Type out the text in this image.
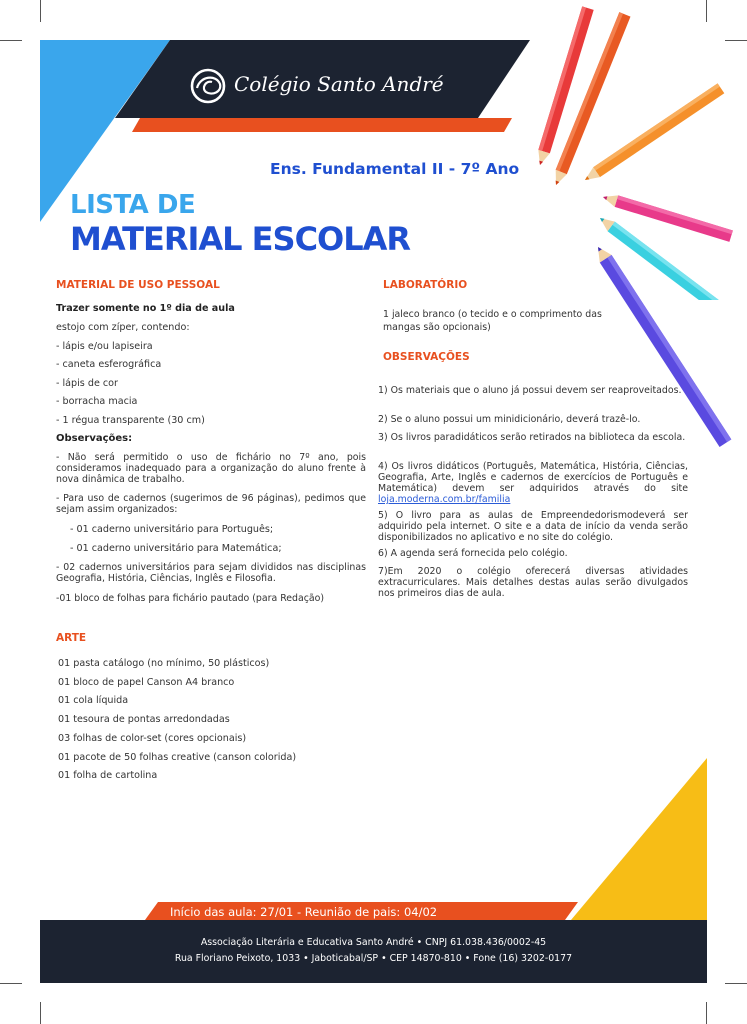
Colégio Santo André
Ens. Fundamental II - 7º Ano
LISTA DE
MATERIAL ESCOLAR
MATERIAL DE USO PESSOAL
Trazer somente no 1º dia de aula
estojo com zíper, contendo:
- lápis e/ou lapiseira
- caneta esferográfica
- lápis de cor
- borracha macia
- 1 régua transparente (30 cm)
Observações:
- Não será permitido o uso de fichário no 7º ano, pois consideramos inadequado para a organização do aluno frente à nova dinâmica de trabalho.
- Para uso de cadernos (sugerimos de 96 páginas), pedimos que sejam assim organizados:
- 01 caderno universitário para Português;
- 01 caderno universitário para Matemática;
- 02 cadernos universitários para sejam divididos nas disciplinas Geografia, História, Ciências, Inglês e Filosofia.
-01 bloco de folhas para fichário pautado (para Redação)
ARTE
01 pasta catálogo (no mínimo, 50 plásticos)
01 bloco de papel Canson A4 branco
01 cola líquida
01 tesoura de pontas arredondadas
03 folhas de color-set (cores opcionais)
01 pacote de 50 folhas creative (canson colorida)
01 folha de cartolina
LABORATÓRIO
1 jaleco branco (o tecido e o comprimento das mangas são opcionais)
OBSERVAÇÕES
1) Os materiais que o aluno já possui devem ser reaproveitados.
2) Se o aluno possui um minidicionário, deverá trazê-lo.
3) Os livros paradidáticos serão retirados na biblioteca da escola.
4) Os livros didáticos (Português, Matemática, História, Ciências, Geografia, Arte, Inglês e cadernos de exercícios de Português e Matemática) devem ser adquiridos através do site loja.moderna.com.br/familia
5) O livro para as aulas de Empreendedorismodeverá ser adquirido pela internet. O site e a data de início da venda serão disponibilizados no aplicativo e no site do colégio.
6) A agenda será fornecida pelo colégio.
7)Em 2020 o colégio oferecerá diversas atividades extracurriculares. Mais detalhes destas aulas serão divulgados nos primeiros dias de aula.
Início das aula: 27/01 - Reunião de pais: 04/02
Associação Literária e Educativa Santo André • CNPJ 61.038.436/0002-45
Rua Floriano Peixoto, 1033 • Jaboticabal/SP • CEP 14870-810 • Fone (16) 3202-0177
